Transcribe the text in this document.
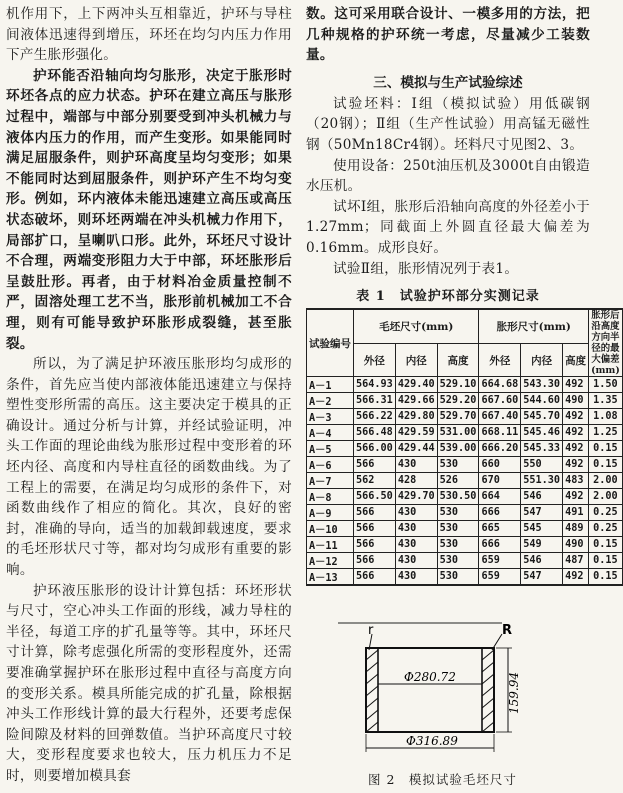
机作用下，上下两冲头互相靠近，护环与导柱间液体迅速得到增压，环坯在均匀内压力作用下产生胀形强化。

护环能否沿轴向均匀胀形，决定于胀形时环坯各点的应力状态。护环在建立高压与胀形过程中，端部与中部分别要受到冲头机械力与液体内压力的作用，而产生变形。如果能同时满足屈服条件，则护环高度呈均匀变形；如果不能同时达到屈服条件，则护环产生不均匀变形。例如，环内液体未能迅速建立高压或高压状态破坏，则环坯两端在冲头机械力作用下，局部扩口，呈喇叭口形。此外，环坯尺寸设计不合理，两端变形阻力大于中部，环坯胀形后呈鼓肚形。再者，由于材料冶金质量控制不严，固溶处理工艺不当，胀形前机械加工不合理，则有可能导致护环胀形成裂缝，甚至胀裂。

所以，为了满足护环液压胀形均匀成形的条件，首先应当使内部液体能迅速建立与保持塑性变形所需的高压。这主要决定于模具的正确设计。通过分析与计算，并经试验证明，冲头工作面的理论曲线为胀形过程中变形着的环坯内径、高度和内导柱直径的函数曲线。为了工程上的需要，在满足均匀成形的条件下，对函数曲线作了相应的简化。其次，良好的密封，准确的导向，适当的加载卸载速度，要求的毛坯形状尺寸等，都对均匀成形有重要的影响。

护环液压胀形的设计计算包括：环坯形状与尺寸，空心冲头工作面的形线，减力导柱的半径，每道工序的扩孔量等等。其中，环坯尺寸计算，除考虑强化所需的变形程度外，还需要准确掌握护环在胀形过程中直径与高度方向的变形关系。模具所能完成的扩孔量，除根据冲头工作形线计算的最大行程外，还要考虑保险间隙及材料的回弹数值。当护环高度尺寸较大，变形程度要求也较大，压力机压力不足时，则要增加模具套

数。这可采用联合设计、一模多用的方法，把几种规格的护环统一考虑，尽量减少工装数量。

三、模拟与生产试验综述

试验坯料：Ⅰ组（模拟试验）用低碳钢（20钢）；Ⅱ组（生产性试验）用高锰无磁性钢（50Mn18Cr4钢）。坯料尺寸见图2、3。

使用设备：250t油压机及3000t自由锻造水压机。

试坏Ⅰ组，胀形后沿轴向高度的外径差小于1.27mm；同截面上外圆直径最大偏差为0.16mm。成形良好。

试验Ⅱ组，胀形情况列于表1。

表 1　试验护环部分实测记录
试验编号	毛坯尺寸(mm)			胀形尺寸(mm)			胀形后沿高度方向半径的最大偏差(mm)
	外径	内径	高度	外径	内径	高度	
A－1	564.93	429.40	529.10	664.68	543.30	492	1.50
A－2	566.31	429.66	529.20	667.60	544.60	490	1.35
A－3	566.22	429.80	529.70	667.40	545.70	492	1.08
A－4	566.48	429.59	531.00	668.11	545.46	492	1.25
A－5	566.00	429.44	539.00	666.20	545.33	492	0.15
A－6	566	430	530	660	550	492	0.15
A－7	562	428	526	670	551.30	483	2.00
A－8	566.50	429.70	530.50	664	546	492	2.00
A－9	566	430	530	666	547	491	0.25
A－10	566	430	530	665	545	489	0.25
A－11	566	430	530	666	549	490	0.15
A－12	566	430	530	659	546	487	0.15
A－13	566	430	530	659	547	492	0.15
r	R
Φ280.72
Φ316.89
159.94
图 2　模拟试验毛坯尺寸
